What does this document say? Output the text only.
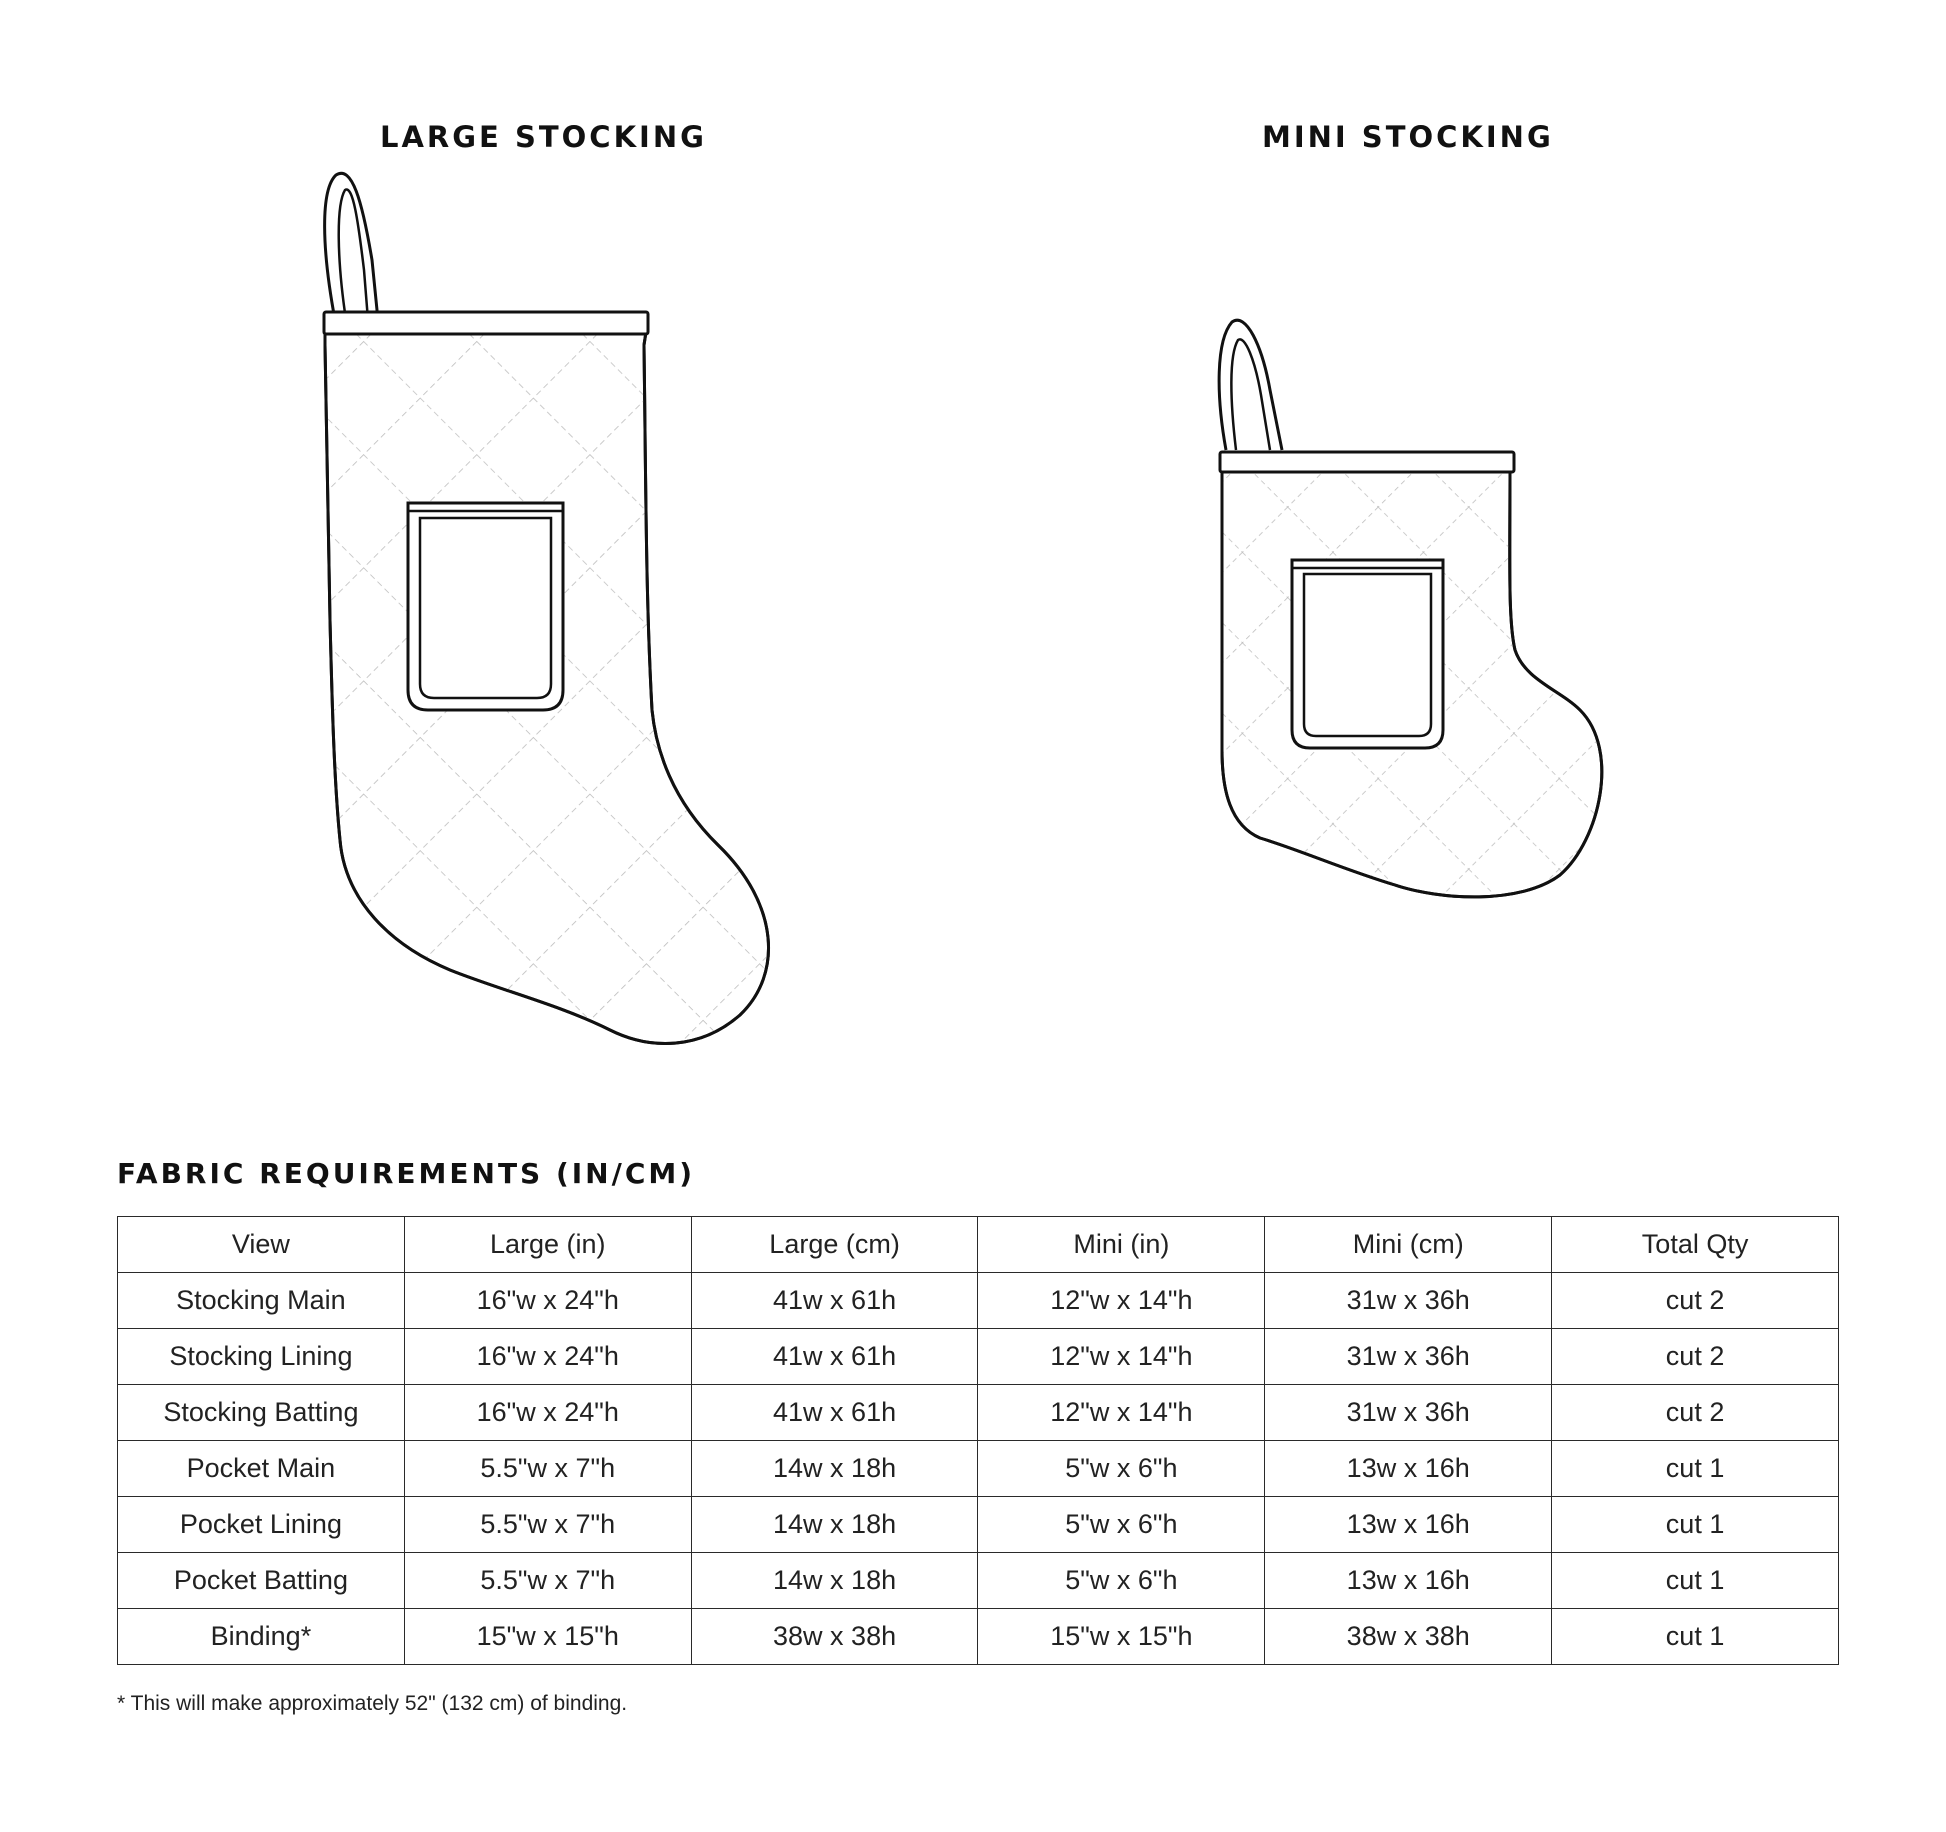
LARGE STOCKING	MINI STOCKING
FABRIC REQUIREMENTS (IN/CM)
View	Large (in)	Large (cm)	Mini (in)	Mini (cm)	Total Qty
Stocking Main	16"w x 24"h	41w x 61h	12"w x 14"h	31w x 36h	cut 2
Stocking Lining	16"w x 24"h	41w x 61h	12"w x 14"h	31w x 36h	cut 2
Stocking Batting	16"w x 24"h	41w x 61h	12"w x 14"h	31w x 36h	cut 2
Pocket Main	5.5"w x 7"h	14w x 18h	5"w x 6"h	13w x 16h	cut 1
Pocket Lining	5.5"w x 7"h	14w x 18h	5"w x 6"h	13w x 16h	cut 1
Pocket Batting	5.5"w x 7"h	14w x 18h	5"w x 6"h	13w x 16h	cut 1
Binding*	15"w x 15"h	38w x 38h	15"w x 15"h	38w x 38h	cut 1
* This will make approximately 52" (132 cm) of binding.
